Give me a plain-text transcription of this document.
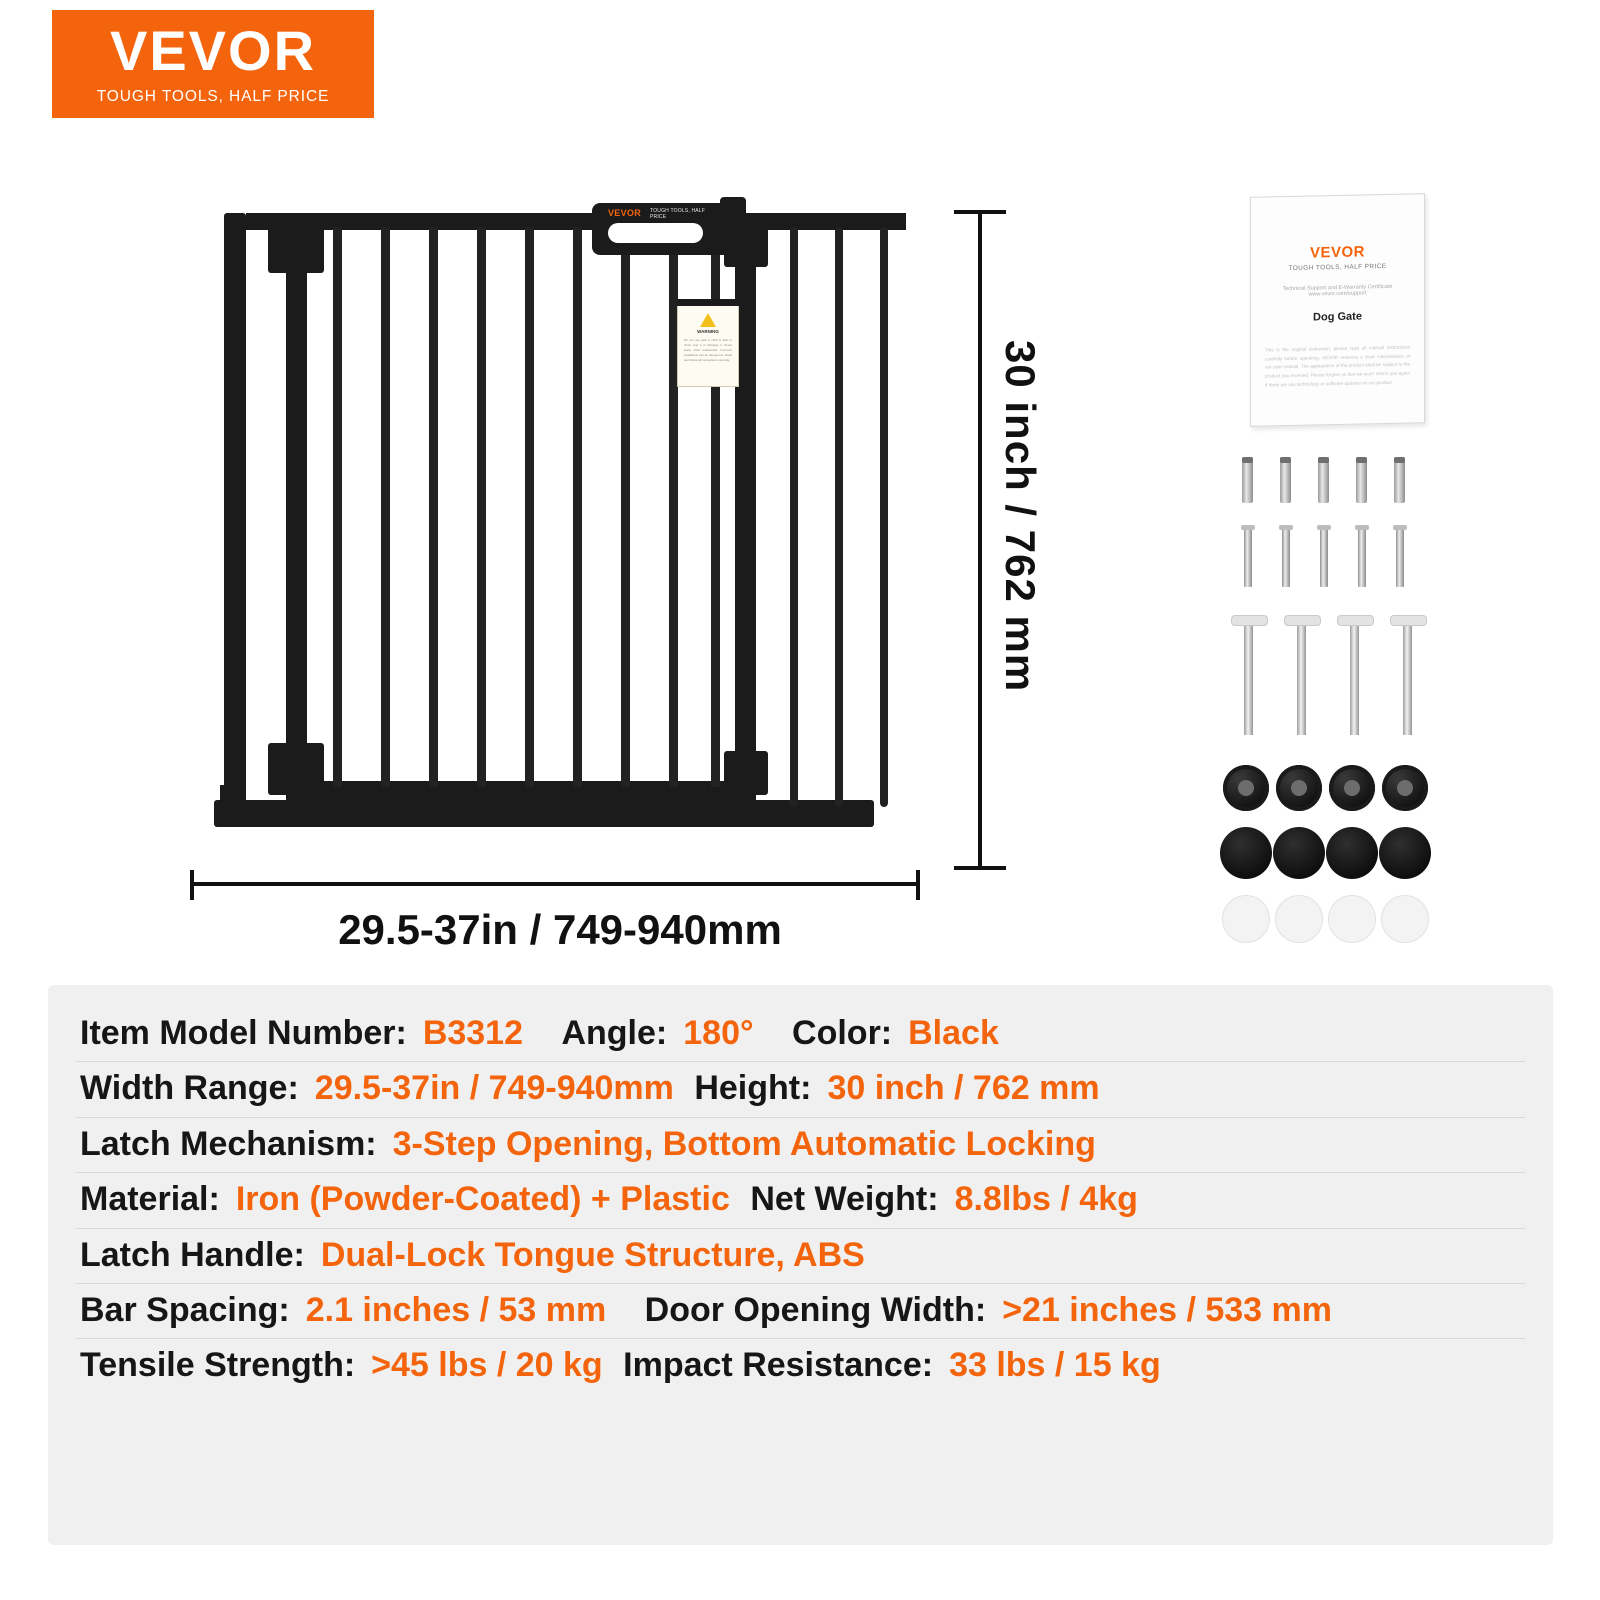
VEVOR
TOUGH TOOLS, HALF PRICE
VEVOR TOUGH TOOLS, HALF PRICE
WARNING
Do not use gate if child is able to climb over it or dislodge it. Never leave child unattended. Incorrect installation can be dangerous. Read and follow all instructions carefully.	30 inch / 762 mm
29.5-37in / 749-940mm
VEVOR
TOUGH TOOLS, HALF PRICE
Technical Support and E-Warranty Certificate www.vevor.com/support
Dog Gate
This is the original instruction, please read all manual instructions carefully before operating. VEVOR reserves a clear interpretation of our user manual. The appearance of the product shall be subject to the product you received. Please forgive us that we won't inform you again if there are any technology or software updates on our product.
Item Model Number: B3312 Angle: 180° Color: Black
Width Range: 29.5-37in / 749-940mm Height: 30 inch / 762 mm
Latch Mechanism: 3-Step Opening, Bottom Automatic Locking
Material: Iron (Powder-Coated) + Plastic Net Weight: 8.8lbs / 4kg
Latch Handle: Dual-Lock Tongue Structure, ABS
Bar Spacing: 2.1 inches / 53 mm Door Opening Width: >21 inches / 533 mm
Tensile Strength: >45 lbs / 20 kg Impact Resistance: 33 lbs / 15 kg
